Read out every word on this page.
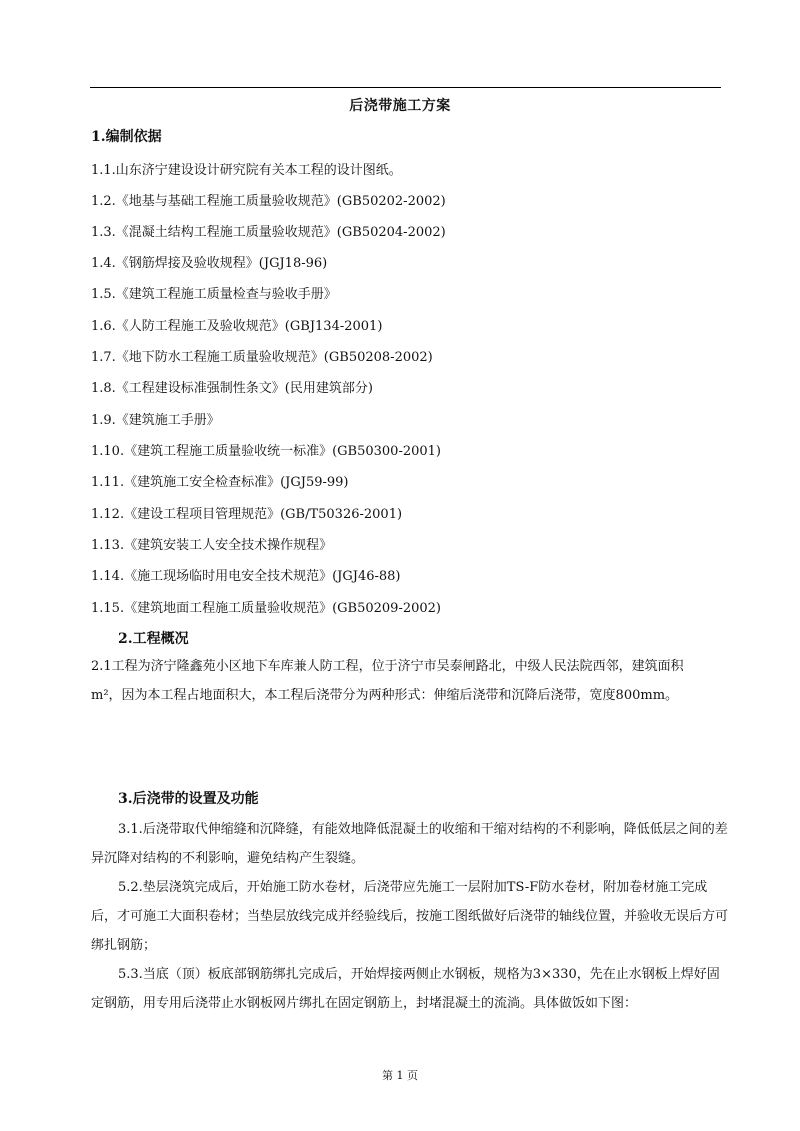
后浇带施工方案
1.编制依据
1.1.山东济宁建设设计研究院有关本工程的设计图纸。
1.2.《地基与基础工程施工质量验收规范》(GB50202-2002)
1.3.《混凝土结构工程施工质量验收规范》(GB50204-2002)
1.4.《钢筋焊接及验收规程》(JGJ18-96)
1.5.《建筑工程施工质量检查与验收手册》
1.6.《人防工程施工及验收规范》(GBJ134-2001)
1.7.《地下防水工程施工质量验收规范》(GB50208-2002)
1.8.《工程建设标准强制性条文》(民用建筑部分)
1.9.《建筑施工手册》
1.10.《建筑工程施工质量验收统一标准》(GB50300-2001)
1.11.《建筑施工安全检查标准》(JGJ59-99)
1.12.《建设工程项目管理规范》(GB/T50326-2001)
1.13.《建筑安装工人安全技术操作规程》
1.14.《施工现场临时用电安全技术规范》(JGJ46-88)
1.15.《建筑地面工程施工质量验收规范》(GB50209-2002)
2.工程概况

2.1工程为济宁隆鑫苑小区地下车库兼人防工程，位于济宁市吴泰闸路北，中级人民法院西邻，建筑面积m²，因为本工程占地面积大，本工程后浇带分为两种形式：伸缩后浇带和沉降后浇带，宽度800mm。

3.后浇带的设置及功能

3.1.后浇带取代伸缩缝和沉降缝，有能效地降低混凝土的收缩和干缩对结构的不利影响，降低低层之间的差异沉降对结构的不利影响，避免结构产生裂缝。

5.2.垫层浇筑完成后，开始施工防水卷材，后浇带应先施工一层附加TS-F防水卷材，附加卷材施工完成后，才可施工大面积卷材；当垫层放线完成并经验线后，按施工图纸做好后浇带的轴线位置，并验收无误后方可绑扎钢筋；

5.3.当底（顶）板底部钢筋绑扎完成后，开始焊接两侧止水钢板，规格为3×330，先在止水钢板上焊好固定钢筋，用专用后浇带止水钢板网片绑扎在固定钢筋上，封堵混凝土的流淌。具体做饭如下图：

第 1 页
